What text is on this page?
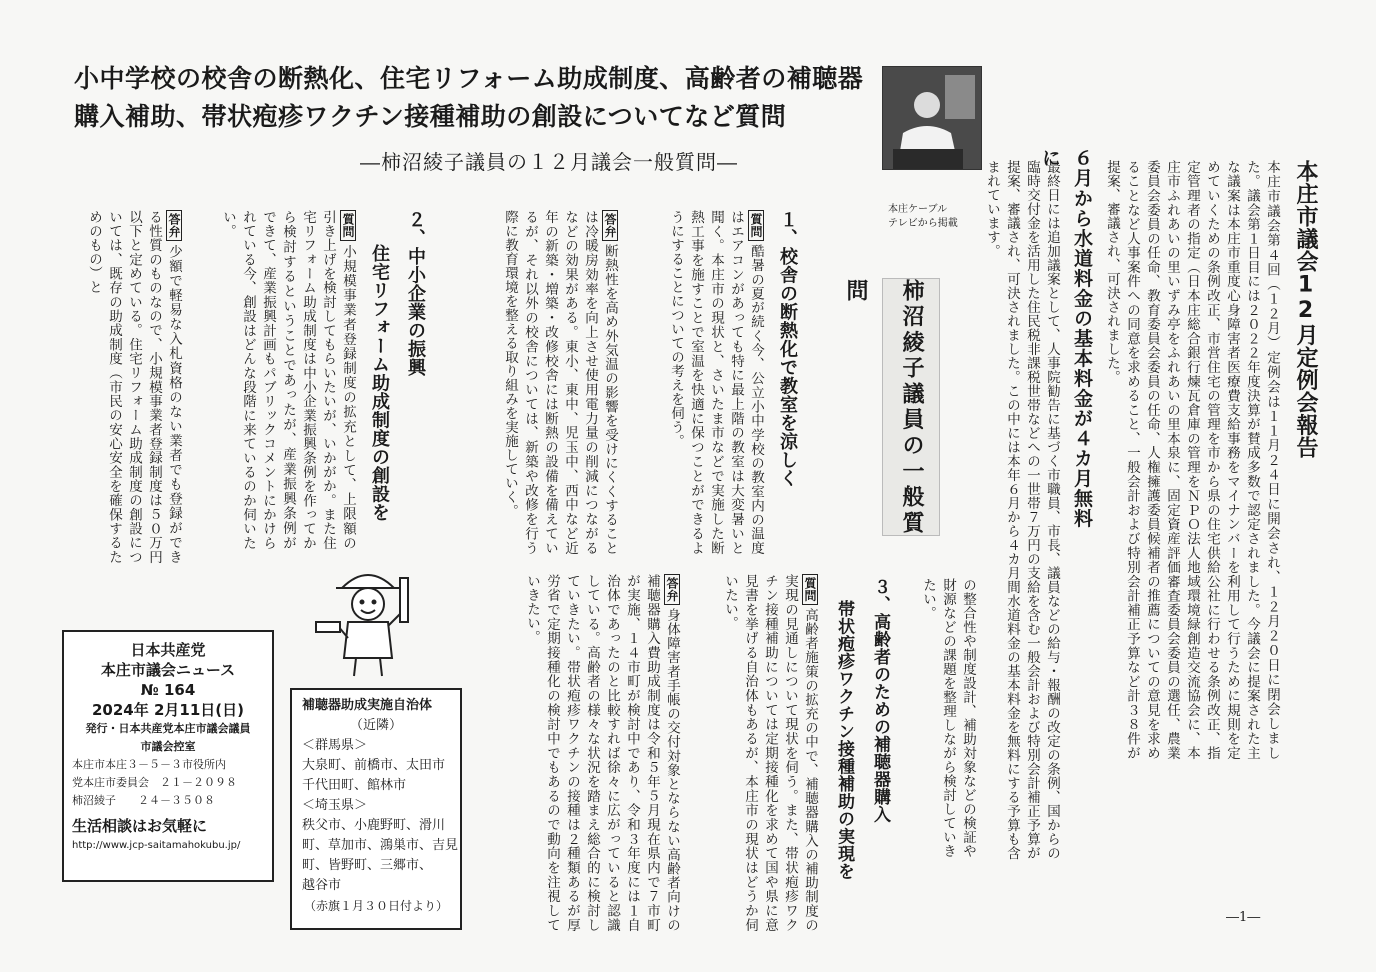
小中学校の校舎の断熱化、住宅リフォーム助成制度、高齢者の補聴器
購入補助、帯状疱疹ワクチン接種補助の創設についてなど質問
―柿沼綾子議員の１２月議会一般質問―
本庄ケーブル
テレビから掲載
柿沼綾子議員の一般質問	本庄市議会12月定例会報告
本庄市議会第４回（１２月）定例会は１１月２４日に開会され、１２月２０日に閉会しました。議会第１日目には２０２２年度決算が賛成多数で認定されました。今議会に提案された主な議案は本庄市重度心身障害者医療費支給事務をマイナンバーを利用して行うために規則を定めていくための条例改正、市営住宅の管理を市から県の住宅供給公社に行わせる条例改正、指定管理者の指定（日本庄総合銀行煉瓦倉庫の管理をＮＰＯ法人地域環境緑創造交流協会に、本庄市ふれあいの里いずみ亭をふれあいの里本泉に、固定資産評価審査委員会委員の選任、農業委員会委員の任命、教育委員会委員の任命、人権擁護委員候補者の推薦についての意見を求めることなど人事案件への同意を求めること、一般会計および特別会計補正予算など計３８件が提案、審議され、可決されました。
６月から水道料金の基本料金が４カ月無料に
最終日には追加議案として、人事院勧告に基づく市職員、市長、議員などの給与・報酬の改定の条例、国からの臨時交付金を活用した住民税非課税世帯などへの一世帯７万円の支給を含む一般会計および特別会計補正予算が提案、審議され、可決されました。この中には本年６月から４カ月間水道料金の基本料金を無料にする予算も含まれています。
の整合性や制度設計、補助対象などの検証や財源などの課題を整理しながら検討していきたい。
３、高齢者のための補聴器購入
帯状疱疹ワクチン接種補助の実現を
質問高齢者施策の拡充の中で、補聴器購入の補助制度の実現の見通しについて現状を伺う。また、帯状疱疹ワクチン接種補助については定期接種化を求めて国や県に意見書を挙げる自治体もあるが、本庄市の現状はどうか伺いたい。
答弁身体障害者手帳の交付対象とならない高齢者向けの補聴器購入費助成制度は令和５年５月現在県内で７市町が実施、１４市町が検討中であり、令和３年度には１自治体であったのと比較すれば徐々に広がっていると認識している。高齢者の様々な状況を踏まえ総合的に検討していきたい。帯状疱疹ワクチンの接種は２種類あるが厚労省で定期接種化の検討中でもあるので動向を注視していきたい。
１、校舎の断熱化で教室を涼しく
質問酷暑の夏が続く今、公立小中学校の教室内の温度はエアコンがあっても特に最上階の教室は大変暑いと聞く。本庄市の現状と、さいたま市などで実施した断熱工事を施すことで室温を快適に保つことができるようにすることについての考えを伺う。
答弁断熱性を高め外気温の影響を受けにくくすることは冷暖房効率を向上させ使用電力量の削減につながるなどの効果がある。東小、東中、児玉中、西中など近年の新築・増築・改修校舎には断熱の設備を備えているが、それ以外の校舎については、新築や改修を行う際に教育環境を整える取り組みを実施していく。
２、中小企業の振興
住宅リフォーム助成制度の創設を
質問小規模事業者登録制度の拡充として、上限額の引き上げを検討してもらいたいが、いかがか。また住宅リフォーム助成制度は中小企業振興条例を作ってから検討するということであったが、産業振興条例が できて、産業振興計画もパブリックコメントにかけられている今、創設はどんな段階に来ているのか伺いたい。
答弁少額で軽易な入札資格のない業者でも登録ができる性質のものなので、小規模事業者登録制度は５０万円以下と定めている。住宅リフォーム助成制度の創設については、既存の助成制度（市民の安心安全を確保するためのもの）と
補聴器助成実施自治体
（近隣）
＜群馬県＞
大泉町、前橋市、太田市
千代田町、館林市
＜埼玉県＞
秩父市、小鹿野町、滑川
町、草加市、鴻巣市、吉見
町、皆野町、三郷市、
越谷市
（赤旗１月３０日付より）
日本共産党
本庄市議会ニュース
№ 164
2024年 2月11日(日)
発行・日本共産党本庄市議会議員
市議会控室
本庄市本庄３－５－３市役所内
党本庄市委員会　２１－２０９８
柿沼綾子　　２４－３５０８
生活相談はお気軽に
http://www.jcp-saitamahokubu.jp/
―1―
